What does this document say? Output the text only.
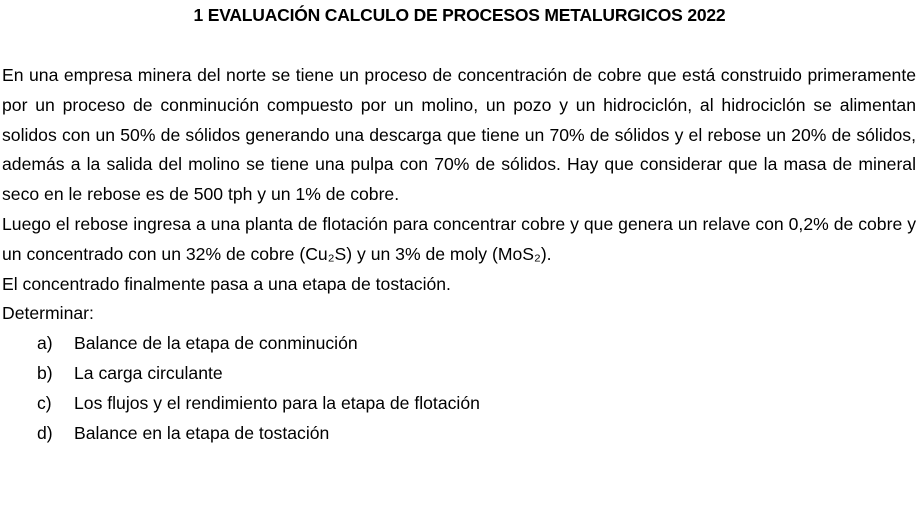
1 EVALUACIÓN CALCULO DE PROCESOS METALURGICOS 2022

En una empresa minera del norte se tiene un proceso de concentración de cobre que está construido primeramente por un proceso de conminución compuesto por un molino, un pozo y un hidrociclón, al hidrociclón se alimentan solidos con un 50% de sólidos generando una descarga que tiene un 70% de sólidos y el rebose un 20% de sólidos, además a la salida del molino se tiene una pulpa con 70% de sólidos. Hay que considerar que la masa de mineral seco en le rebose es de 500 tph y un 1% de cobre.

Luego el rebose ingresa a una planta de flotación para concentrar cobre y que genera un relave con 0,2% de cobre y un concentrado con un 32% de cobre (Cu₂S) y un 3% de moly (MoS₂).

El concentrado finalmente pasa a una etapa de tostación.

Determinar:

a) Balance de la etapa de conminución
b) La carga circulante
c) Los flujos y el rendimiento para la etapa de flotación
d) Balance en la etapa de tostación
